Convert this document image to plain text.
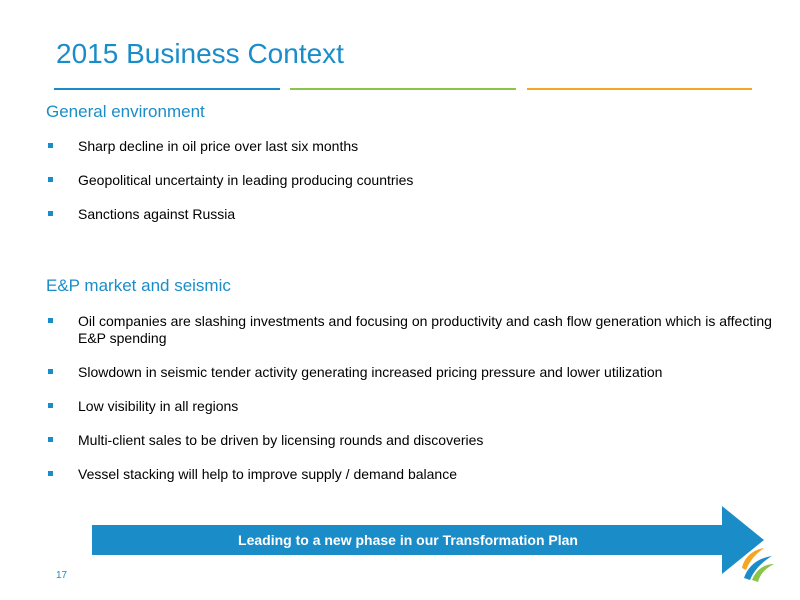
2015 Business Context
General environment
Sharp decline in oil price over last six months
Geopolitical uncertainty in leading producing countries
Sanctions against Russia
E&P market and seismic
Oil companies are slashing investments and focusing on productivity and cash flow generation which is affecting E&P spending
Slowdown in seismic tender activity generating increased pricing pressure and lower utilization
Low visibility in all regions
Multi-client sales to be driven by licensing rounds and discoveries
Vessel stacking will help to improve supply / demand balance
Leading to a new phase in our Transformation Plan
17
